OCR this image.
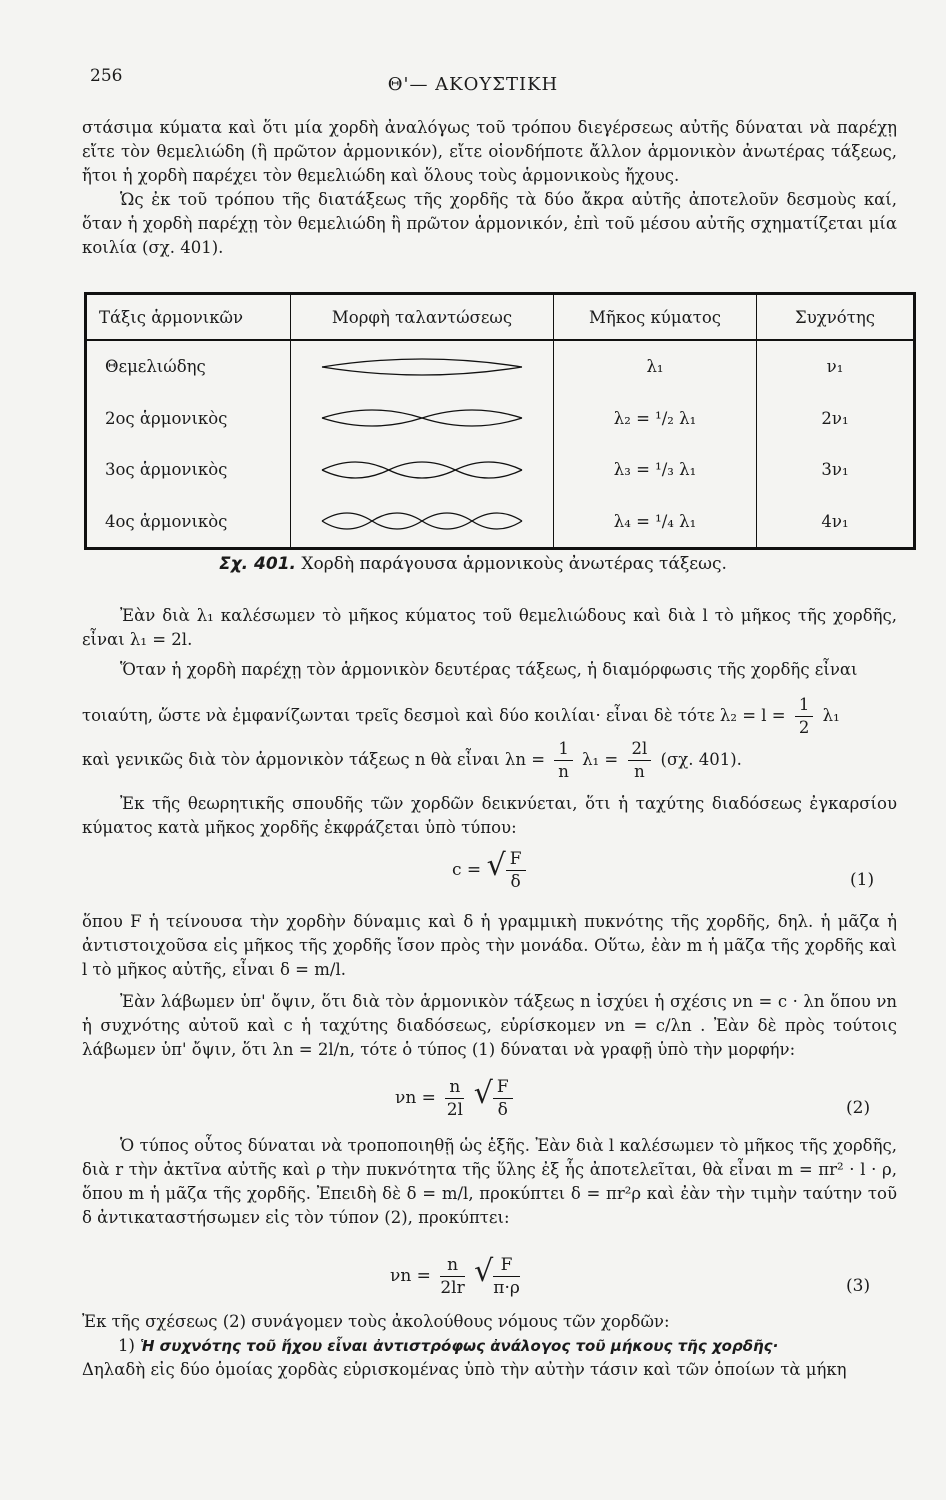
256	Θ'— ΑΚΟΥΣΤΙΚΗ
στάσιμα κύματα καὶ ὅτι μία χορδὴ ἀναλόγως τοῦ τρόπου διεγέρσεως αὐτῆς δύναται νὰ παρέχῃ εἴτε τὸν θεμελιώδη (ἢ πρῶτον ἁρμονικόν), εἴτε οἱονδήποτε ἄλλον ἁρμονικὸν ἀνωτέρας τάξεως, ἤτοι ἡ χορδὴ παρέχει τὸν θεμελιώδη καὶ ὅλους τοὺς ἁρμονικοὺς ἤχους.
Ὡς ἐκ τοῦ τρόπου τῆς διατάξεως τῆς χορδῆς τὰ δύο ἄκρα αὐτῆς ἀποτελοῦν δεσμοὺς καί, ὅταν ἡ χορδὴ παρέχῃ τὸν θεμελιώδη ἢ πρῶτον ἁρμονικόν, ἐπὶ τοῦ μέσου αὐτῆς σχηματίζεται μία κοιλία (σχ. 401).
Τάξις ἁρμονικῶν	Μορφὴ ταλαντώσεως	Μῆκος κύματος	Συχνότης
Θεμελιώδης		λ₁	ν₁
2ος ἁρμονικὸς		λ₂ = ¹/₂ λ₁	2ν₁
3ος ἁρμονικὸς		λ₃ = ¹/₃ λ₁	3ν₁
4ος ἁρμονικὸς		λ₄ = ¹/₄ λ₁	4ν₁
Σχ. 401. Χορδὴ παράγουσα ἁρμονικοὺς ἀνωτέρας τάξεως.
Ἐὰν διὰ λ₁ καλέσωμεν τὸ μῆκος κύματος τοῦ θεμελιώδους καὶ διὰ l τὸ μῆκος τῆς χορδῆς, εἶναι λ₁ = 2l.
Ὅταν ἡ χορδὴ παρέχῃ τὸν ἁρμονικὸν δευτέρας τάξεως, ἡ διαμόρφωσις τῆς χορδῆς εἶναι
τοιαύτη, ὥστε νὰ ἐμφανίζωνται τρεῖς δεσμοὶ καὶ δύο κοιλίαι· εἶναι δὲ τότε $\lambda_2 = l = \frac{1}{2} \lambda_1$
καὶ γενικῶς διὰ τὸν ἁρμονικὸν τάξεως n θὰ εἶναι $\lambda n = \frac{1}{n} \lambda_1 = \frac{2l}{n} (\sigma\chi$. 401).
Ἐκ τῆς θεωρητικῆς σπουδῆς τῶν χορδῶν δεικνύεται, ὅτι ἡ ταχύτης διαδόσεως ἐγκαρσίου κύματος κατὰ μῆκος χορδῆς ἐκφράζεται ὑπὸ τύπου:
c = √ $\frac{F}{\delta}$	(1)
ὅπου F ἡ τείνουσα τὴν χορδὴν δύναμις καὶ δ ἡ γραμμικὴ πυκνότης τῆς χορδῆς, δηλ. ἡ μᾶζα ἡ ἀντιστοιχοῦσα εἰς μῆκος τῆς χορδῆς ἴσον πρὸς τὴν μονάδα. Οὕτω, ἐὰν m ἡ μᾶζα τῆς χορδῆς καὶ l τὸ μῆκος αὐτῆς, εἶναι δ = m/l.
Ἐὰν λάβωμεν ὑπ' ὄψιν, ὅτι διὰ τὸν ἁρμονικὸν τάξεως n ἰσχύει ἡ σχέσις νn = c · λn ὅπου νn ἡ συχνότης αὐτοῦ καὶ c ἡ ταχύτης διαδόσεως, εὑρίσκομεν νn = c/λn . Ἐὰν δὲ πρὸς τούτοις λάβωμεν ὑπ' ὄψιν, ὅτι λn = 2l/n, τότε ὁ τύπος (1) δύναται νὰ γραφῇ ὑπὸ τὴν μορφήν:
$\nu n = \frac{n}{2l}$ √ $\frac{F}{\delta}$	(2)
Ὁ τύπος οὗτος δύναται νὰ τροποποιηθῇ ὡς ἑξῆς. Ἐὰν διὰ l καλέσωμεν τὸ μῆκος τῆς χορδῆς, διὰ r τὴν ἀκτῖνα αὐτῆς καὶ ρ τὴν πυκνότητα τῆς ὕλης ἐξ ἧς ἀποτελεῖται, θὰ εἶναι m = πr² · l · ρ, ὅπου m ἡ μᾶζα τῆς χορδῆς. Ἐπειδὴ δὲ δ = m/l, προκύπτει δ = πr²ρ καὶ ἐὰν τὴν τιμὴν ταύτην τοῦ δ ἀντικαταστήσωμεν εἰς τὸν τύπον (2), προκύπτει:
$\nu n = \frac{n}{2lr}$ √ $\frac{F}{\pi\cdot\rho}$	(3)
Ἐκ τῆς σχέσεως (2) συνάγομεν τοὺς ἀκολούθους νόμους τῶν χορδῶν:
1) Ἡ συχνότης τοῦ ἤχου εἶναι ἀντιστρόφως ἀνάλογος τοῦ μήκους τῆς χορδῆς·
Δηλαδὴ εἰς δύο ὁμοίας χορδὰς εὑρισκομένας ὑπὸ τὴν αὐτὴν τάσιν καὶ τῶν ὁποίων τὰ μήκη
